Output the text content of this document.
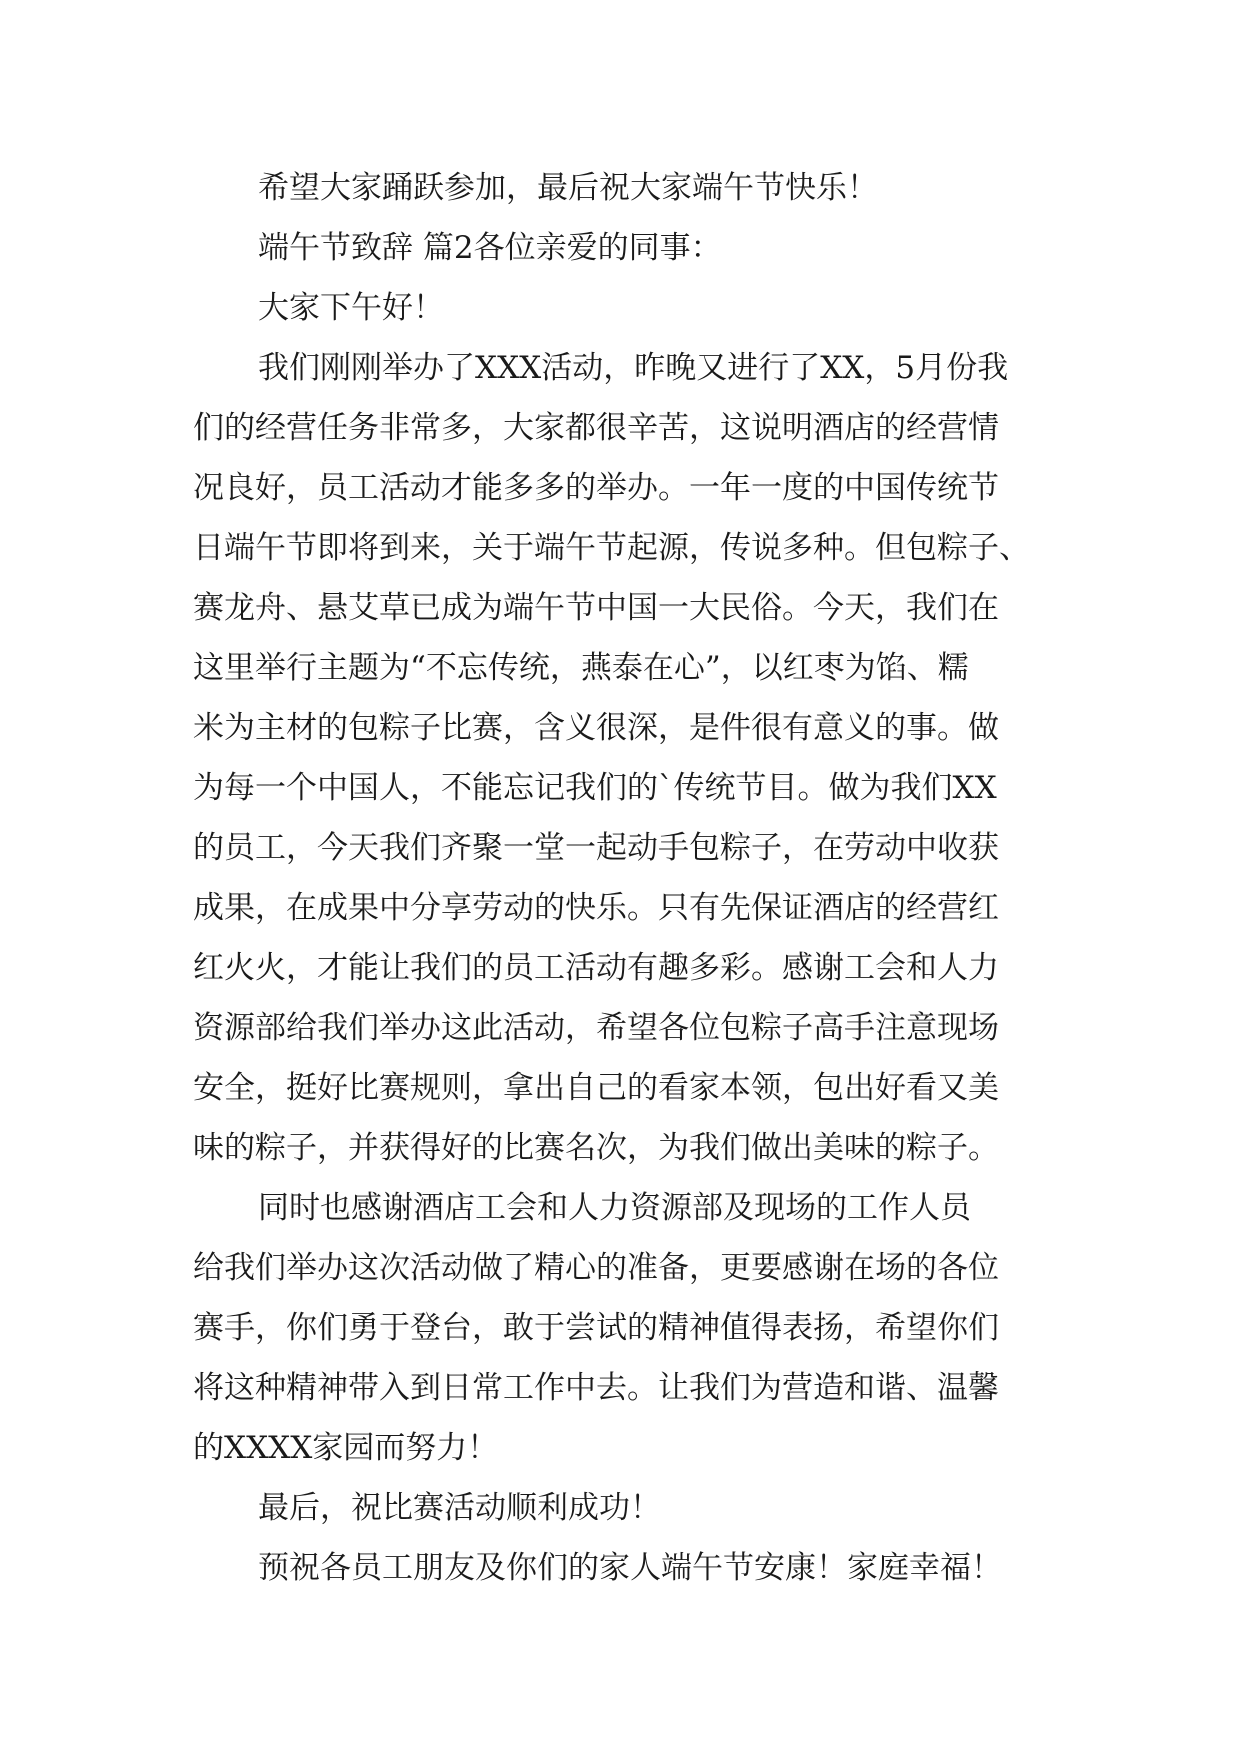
希望大家踊跃参加，最后祝大家端午节快乐！

端午节致辞 篇2各位亲爱的同事：

大家下午好！

我们刚刚举办了XXX活动，昨晚又进行了XX，5月份我

们的经营任务非常多，大家都很辛苦，这说明酒店的经营情

况良好，员工活动才能多多的举办。一年一度的中国传统节

日端午节即将到来，关于端午节起源，传说多种。但包粽子、

赛龙舟、悬艾草已成为端午节中国一大民俗。今天，我们在

这里举行主题为“不忘传统，燕泰在心”，以红枣为馅、糯

米为主材的包粽子比赛，含义很深，是件很有意义的事。做

为每一个中国人，不能忘记我们的`传统节目。做为我们XX

的员工，今天我们齐聚一堂一起动手包粽子，在劳动中收获

成果，在成果中分享劳动的快乐。只有先保证酒店的经营红

红火火，才能让我们的员工活动有趣多彩。感谢工会和人力

资源部给我们举办这此活动，希望各位包粽子高手注意现场

安全，挺好比赛规则，拿出自己的看家本领，包出好看又美

味的粽子，并获得好的比赛名次，为我们做出美味的粽子。

同时也感谢酒店工会和人力资源部及现场的工作人员

给我们举办这次活动做了精心的准备，更要感谢在场的各位

赛手，你们勇于登台，敢于尝试的精神值得表扬，希望你们

将这种精神带入到日常工作中去。让我们为营造和谐、温馨

的XXXX家园而努力！

最后，祝比赛活动顺利成功！

预祝各员工朋友及你们的家人端午节安康！家庭幸福！
